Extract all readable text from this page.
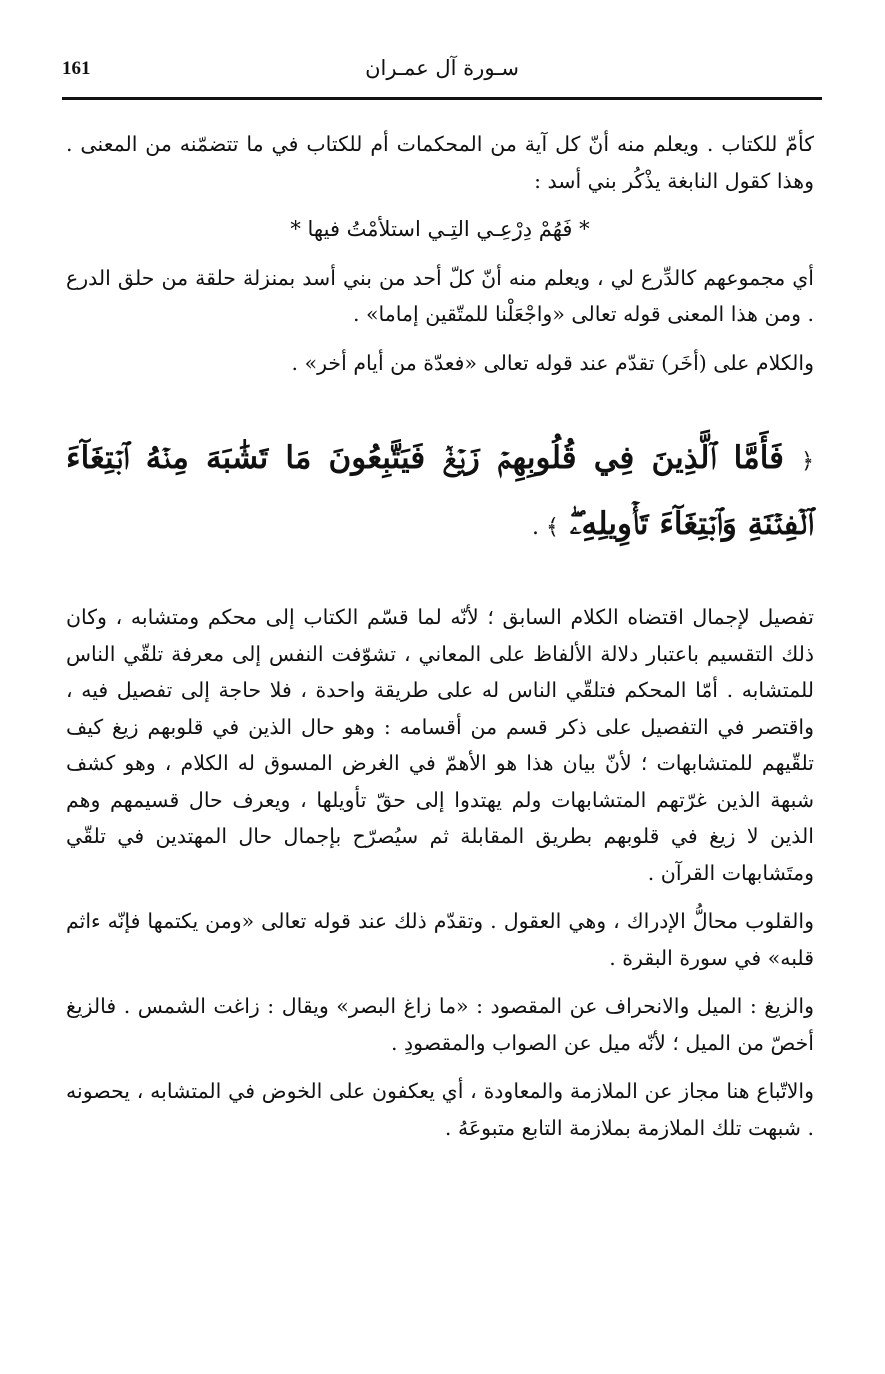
161	سـورة آل عمـران

كأمّ للكتاب . ويعلم منه أنّ كل آية من المحكمات أم للكتاب في ما تتضمّنه من المعنى . وهذا كقول النابغة يذْكُر بني أسد :

* فَهُمْ دِرْعِـي التِـي استلأمْتُ فيها *

أي مجموعهم كالدِّرع لي ، ويعلم منه أنّ كلّ أحد من بني أسد بمنزلة حلقة من حلق الدرع . ومن هذا المعنى قوله تعالى «واجْعَلْنا للمتّقين إماما» .

والكلام على (أخَر) تقدّم عند قوله تعالى «فعدّة من أيام أخر» .

﴿ فَأَمَّا ٱلَّذِينَ فِي قُلُوبِهِمۡ زَيۡغٞ فَيَتَّبِعُونَ مَا تَشَٰبَهَ مِنۡهُ ٱبۡتِغَآءَ ٱلۡفِتۡنَةِ وَٱبۡتِغَآءَ تَأۡوِيلِهِۦۖ ﴾ .

تفصيل لإجمال اقتضاه الكلام السابق ؛ لأنّه لما قسّم الكتاب إلى محكم ومتشابه ، وكان ذلك التقسيم باعتبار دلالة الألفاظ على المعاني ، تشوّفت النفس إلى معرفة تلقّي الناس للمتشابه . أمّا المحكم فتلقّي الناس له على طريقة واحدة ، فلا حاجة إلى تفصيل فيه ، واقتصر في التفصيل على ذكر قسم من أقسامه : وهو حال الذين في قلوبهم زيغ كيف تلقّيهم للمتشابهات ؛ لأنّ بيان هذا هو الأهمّ في الغرض المسوق له الكلام ، وهو كشف شبهة الذين غرّتهم المتشابهات ولم يهتدوا إلى حقّ تأويلها ، ويعرف حال قسيمهم وهم الذين لا زيغ في قلوبهم بطريق المقابلة ثم سيُصرّح بإجمال حال المهتدين في تلقّي ومتَشابهات القرآن .

والقلوب محالُّ الإدراك ، وهي العقول . وتقدّم ذلك عند قوله تعالى «ومن يكتمها فإنّه ءاثم قلبه» في سورة البقرة .

والزيغ : الميل والانحراف عن المقصود : «ما زاغ البصر» ويقال : زاغت الشمس . فالزيغ أخصّ من الميل ؛ لأنّه ميل عن الصواب والمقصودِ .

والاتّباع هنا مجاز عن الملازمة والمعاودة ، أي يعكفون على الخوض في المتشابه ، يحصونه . شبهت تلك الملازمة بملازمة التابع متبوعَهُ .
